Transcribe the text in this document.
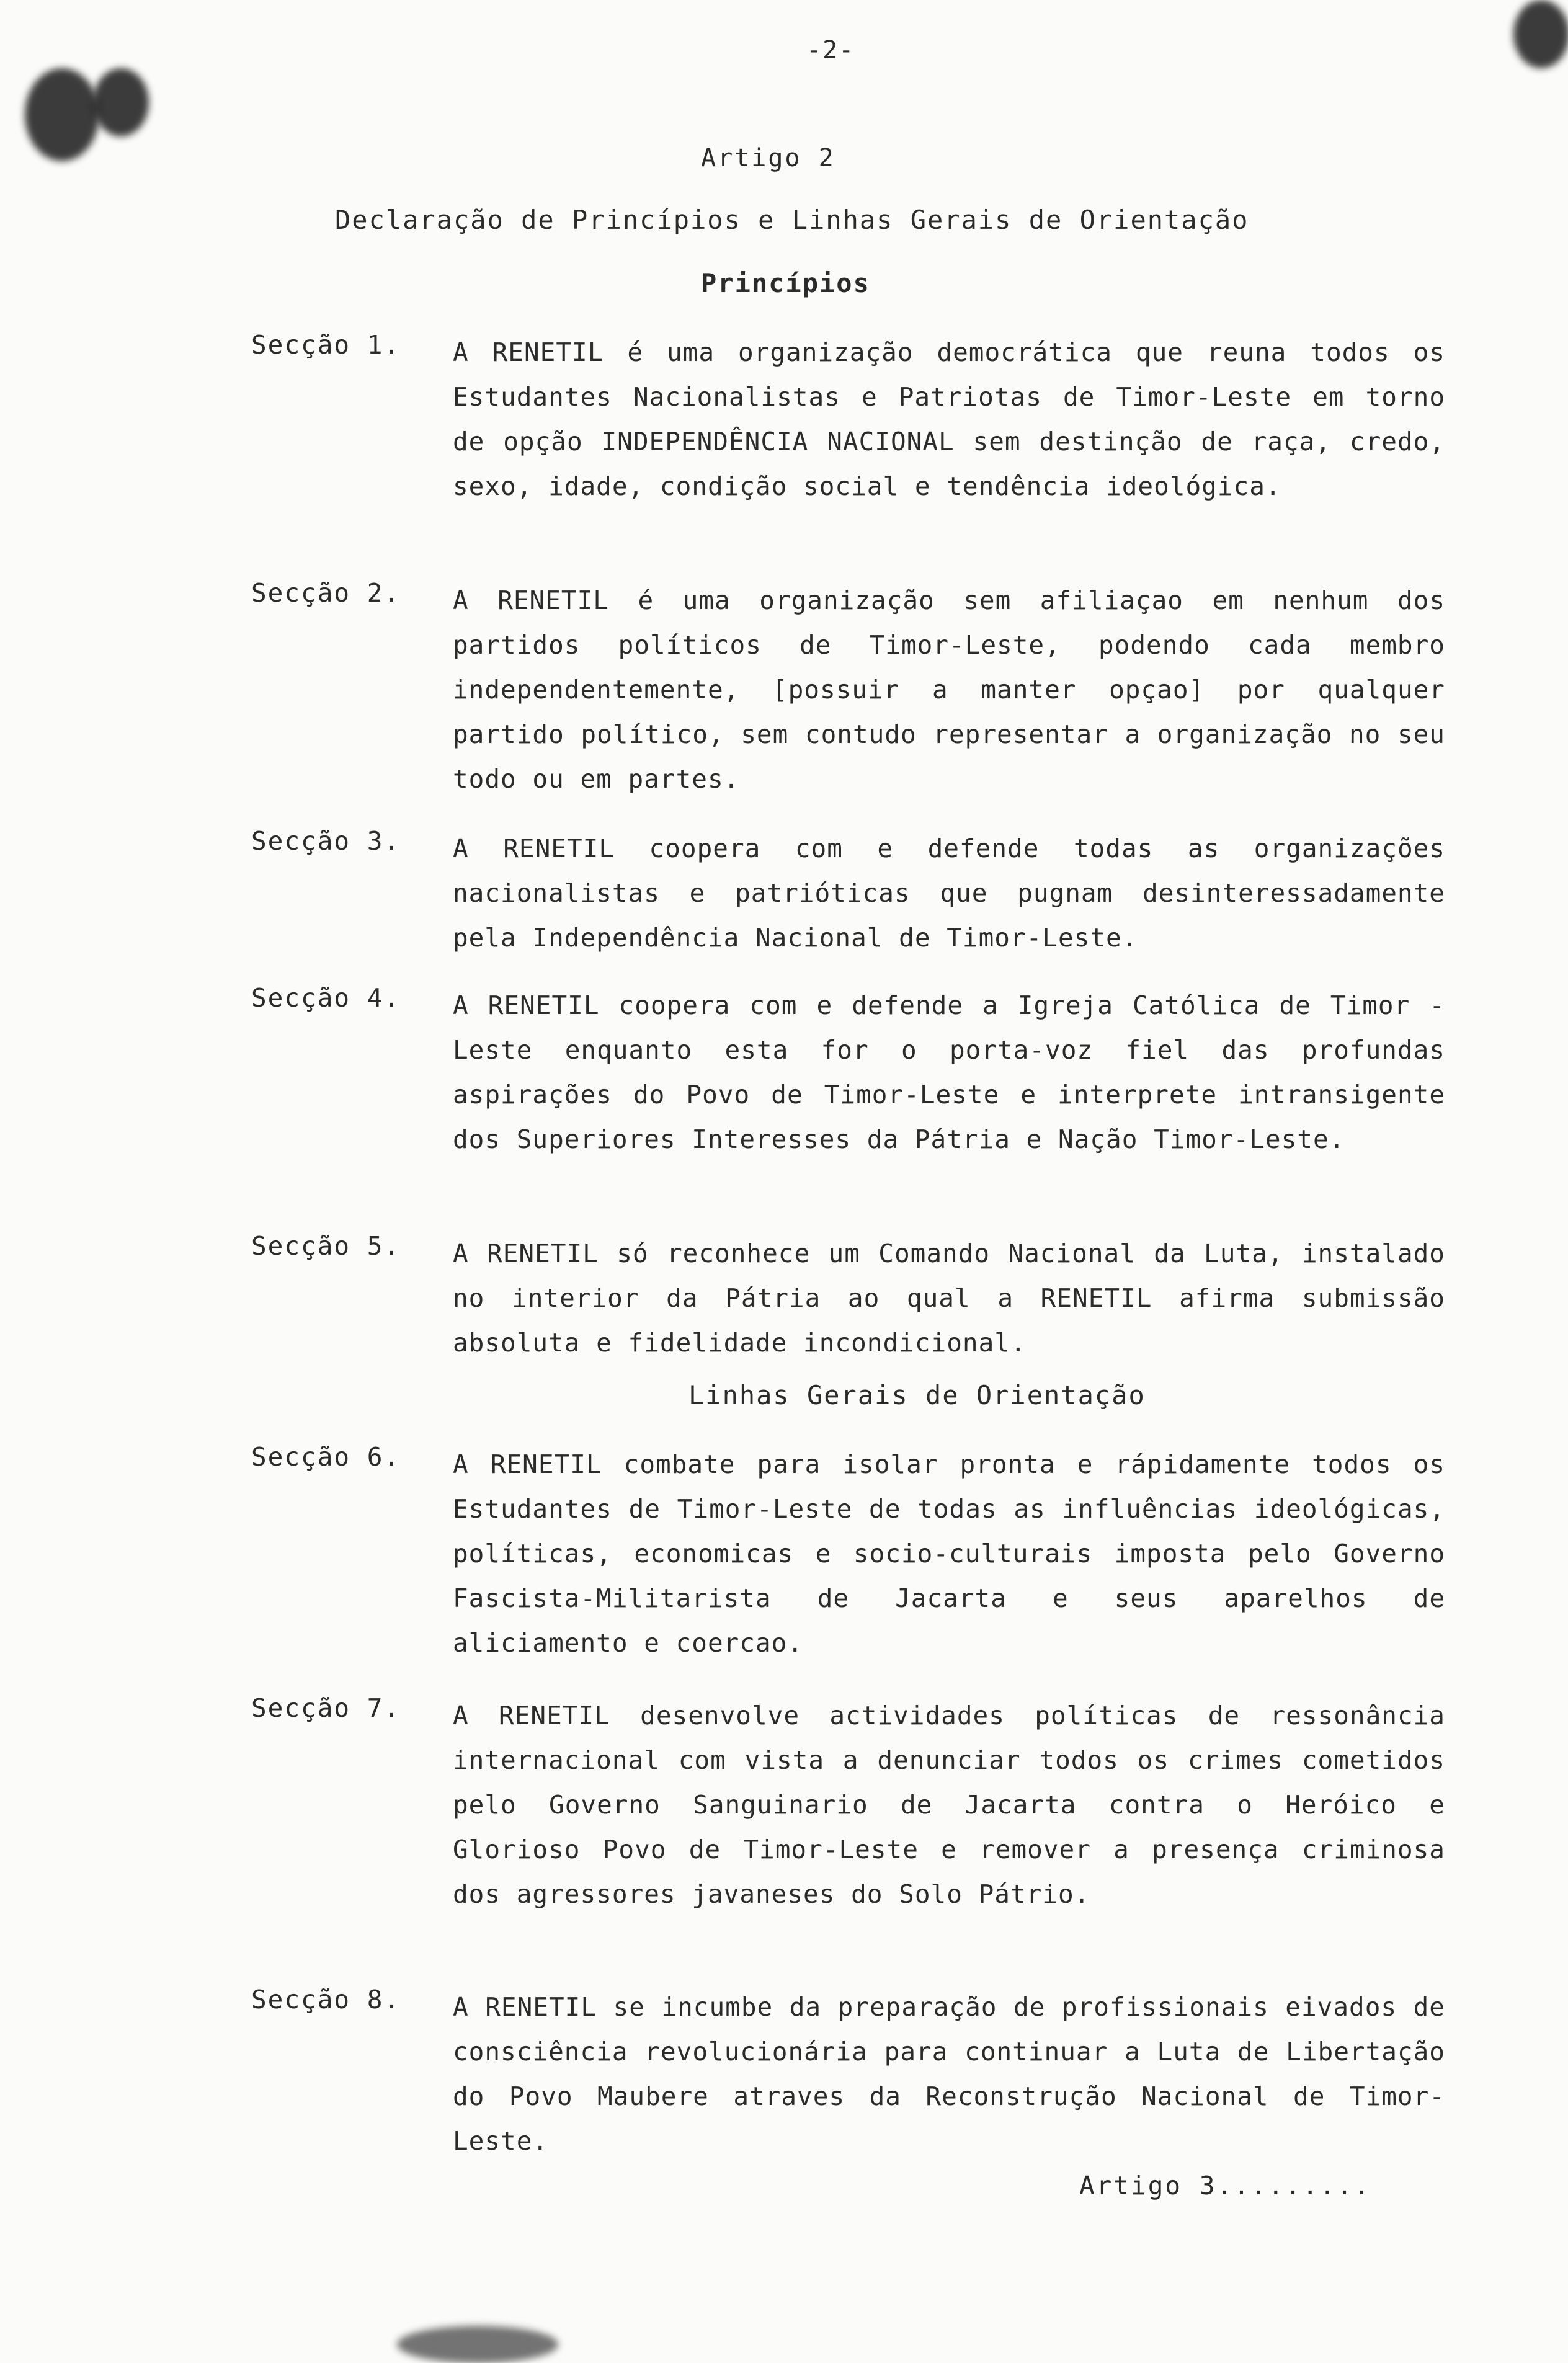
-2-
Artigo 2
Declaração de Princípios e Linhas Gerais de Orientação
Princípios
Secção 1. A RENETIL é uma organização democrática que reuna todos os Estudantes Nacionalistas e Patriotas de Timor-Leste em torno de opção INDEPENDÊNCIA NACIONAL sem destinção de raça, credo, sexo, idade, condição social e tendência ideológica.
Secção 2. A RENETIL é uma organização sem afiliaçao em nenhum dos partidos políticos de Timor-Leste, podendo cada membro independentemente, [possuir a manter opçao] por qualquer partido político, sem contudo representar a organização no seu todo ou em partes.
Secção 3. A RENETIL coopera com e defende todas as organizações nacionalistas e patrióticas que pugnam desinteressadamente pela Independência Nacional de Timor-Leste.
Secção 4. A RENETIL coopera com e defende a Igreja Católica de Timor -Leste enquanto esta for o porta-voz fiel das profundas aspirações do Povo de Timor-Leste e interprete intransigente dos Superiores Interesses da Pátria e Nação Timor-Leste.
Secção 5. A RENETIL só reconhece um Comando Nacional da Luta, instalado no interior da Pátria ao qual a RENETIL afirma submissão absoluta e fidelidade incondicional.
Linhas Gerais de Orientação
Secção 6. A RENETIL combate para isolar pronta e rápidamente todos os Estudantes de Timor-Leste de todas as influências ideológicas, políticas, economicas e socio-culturais imposta pelo Governo Fascista-Militarista de Jacarta e seus aparelhos de aliciamento e coercao.
Secção 7. A RENETIL desenvolve actividades políticas de ressonância internacional com vista a denunciar todos os crimes cometidos pelo Governo Sanguinario de Jacarta contra o Heróico e Glorioso Povo de Timor-Leste e remover a presença criminosa dos agressores javaneses do Solo Pátrio.
Secção 8. A RENETIL se incumbe da preparação de profissionais eivados de consciência revolucionária para continuar a Luta de Libertação do Povo Maubere atraves da Reconstrução Nacional de Timor-Leste.
Artigo 3.........
